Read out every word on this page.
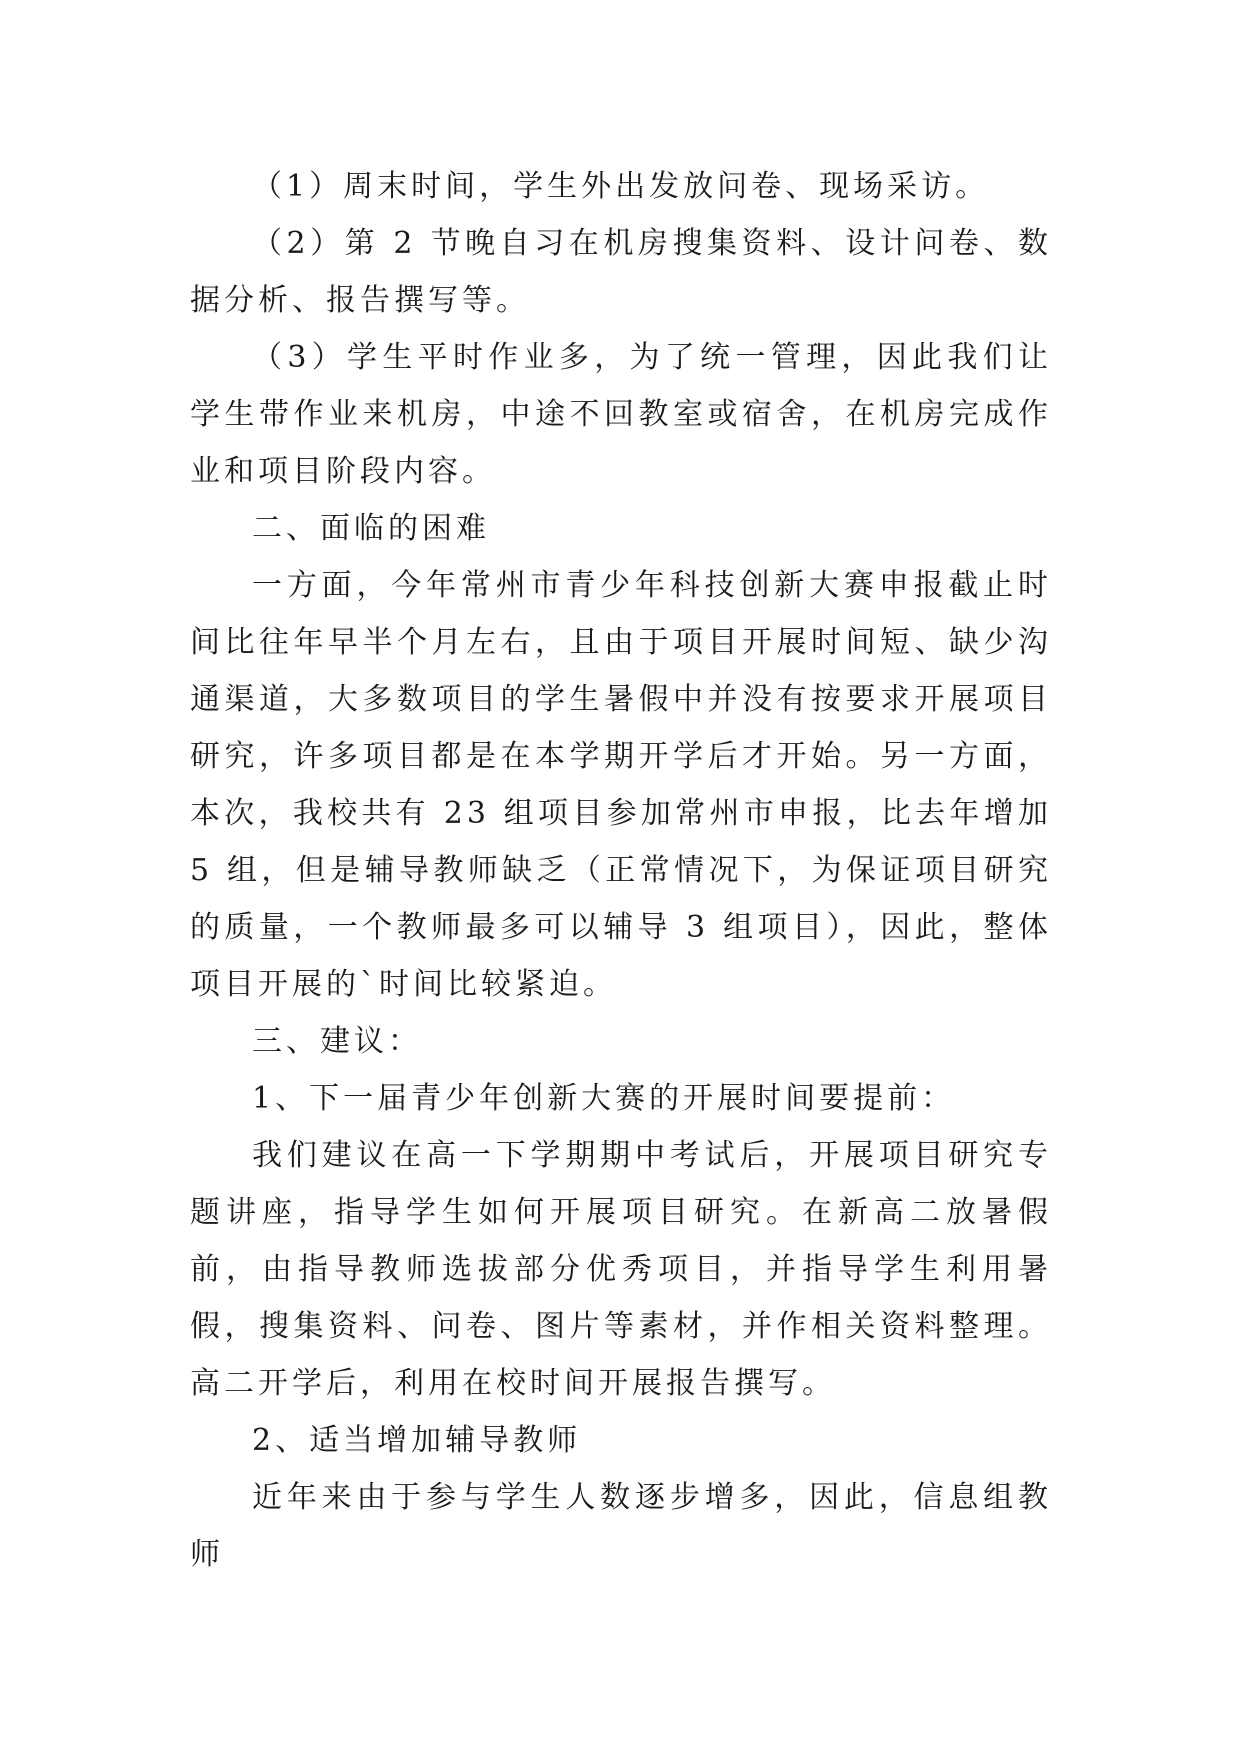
（1）周末时间，学生外出发放问卷、现场采访。

（2）第 2 节晚自习在机房搜集资料、设计问卷、数据分析、报告撰写等。

（3）学生平时作业多，为了统一管理，因此我们让学生带作业来机房，中途不回教室或宿舍，在机房完成作业和项目阶段内容。

二、面临的困难

一方面，今年常州市青少年科技创新大赛申报截止时间比往年早半个月左右，且由于项目开展时间短、缺少沟通渠道，大多数项目的学生暑假中并没有按要求开展项目研究，许多项目都是在本学期开学后才开始。另一方面，本次，我校共有 23 组项目参加常州市申报，比去年增加 5 组，但是辅导教师缺乏（正常情况下，为保证项目研究的质量，一个教师最多可以辅导 3 组项目），因此，整体项目开展的`时间比较紧迫。

三、建议：

1、下一届青少年创新大赛的开展时间要提前：

我们建议在高一下学期期中考试后，开展项目研究专题讲座，指导学生如何开展项目研究。在新高二放暑假前，由指导教师选拔部分优秀项目，并指导学生利用暑假，搜集资料、问卷、图片等素材，并作相关资料整理。高二开学后，利用在校时间开展报告撰写。

2、适当增加辅导教师

近年来由于参与学生人数逐步增多，因此，信息组教师
